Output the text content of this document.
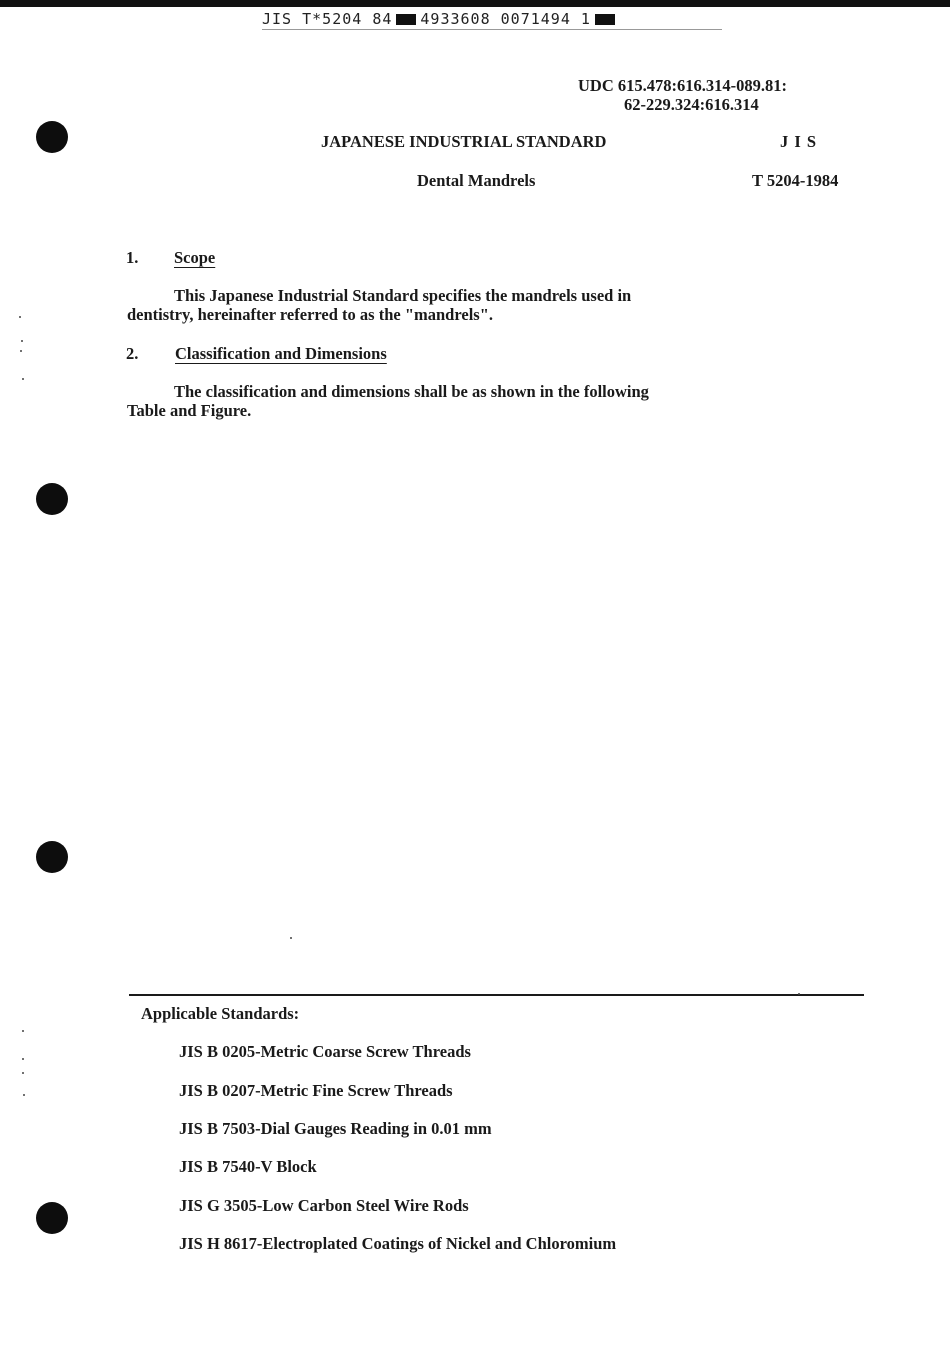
JIS T*5204 84 4933608 0071494 1
UDC 615.478:616.314-089.81:
62-229.324:616.314
JAPANESE INDUSTRIAL STANDARD	J I S
Dental Mandrels	T 5204-1984
1. Scope
This Japanese Industrial Standard specifies the mandrels used in
dentistry, hereinafter referred to as the "mandrels".
2. Classification and Dimensions
The classification and dimensions shall be as shown in the following
Table and Figure.
Applicable Standards:
JIS B 0205-Metric Coarse Screw Threads
JIS B 0207-Metric Fine Screw Threads
JIS B 7503-Dial Gauges Reading in 0.01 mm
JIS B 7540-V Block
JIS G 3505-Low Carbon Steel Wire Rods
JIS H 8617-Electroplated Coatings of Nickel and Chloromium
